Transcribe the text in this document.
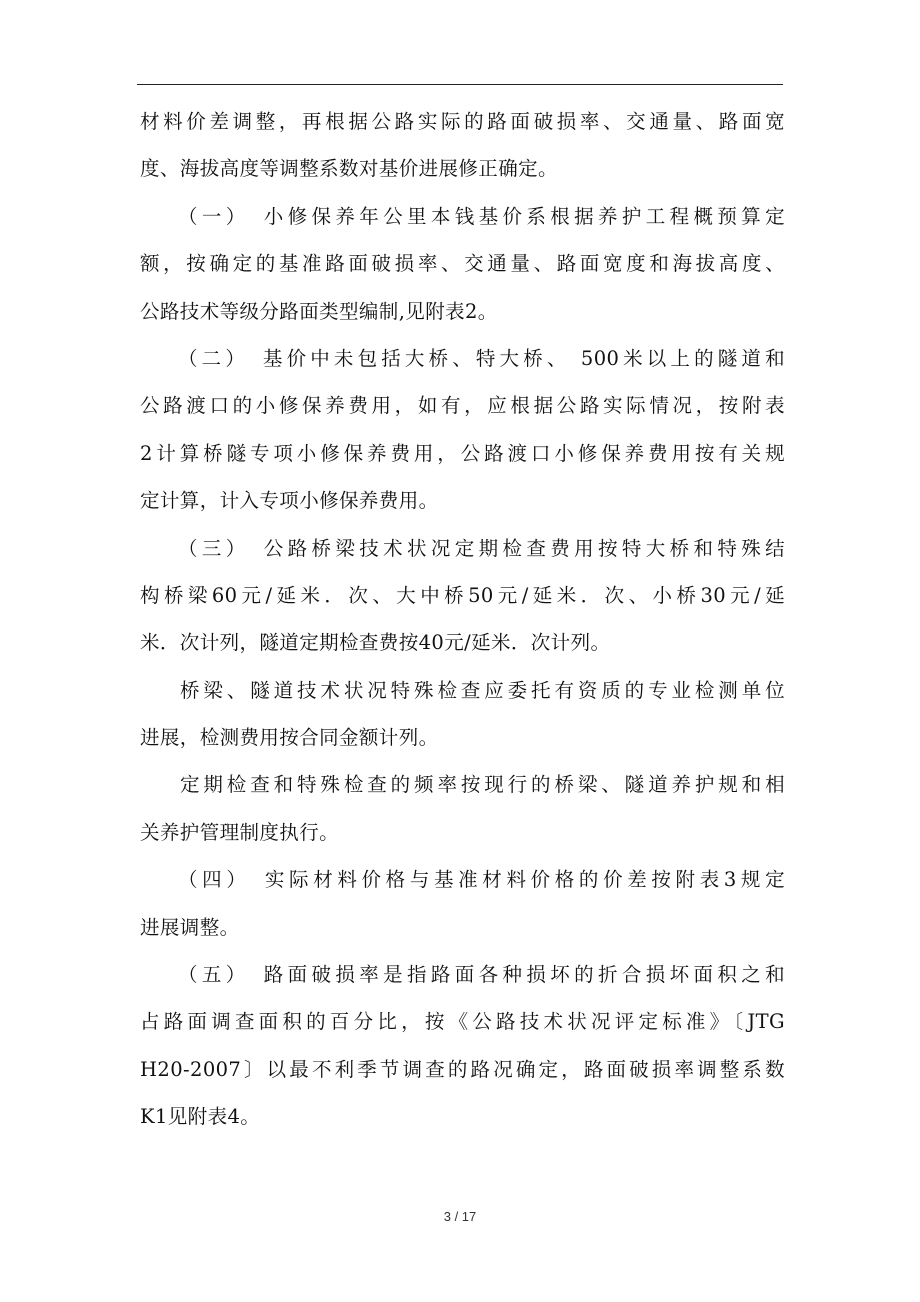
材料价差调整，再根据公路实际的路面破损率、交通量、路面宽
度、海拔高度等调整系数对基价进展修正确定。
（一）　小修保养年公里本钱基价系根据养护工程概预算定
额，按确定的基准路面破损率、交通量、路面宽度和海拔高度、
公路技术等级分路面类型编制,见附表2。
（二）　基价中未包括大桥、特大桥、 500米以上的隧道和
公路渡口的小修保养费用，如有，应根据公路实际情况，按附表
2计算桥隧专项小修保养费用，公路渡口小修保养费用按有关规
定计算，计入专项小修保养费用。
（三）　公路桥梁技术状况定期检查费用按特大桥和特殊结
构桥梁60元/延米．次、大中桥50元/延米．次、小桥30元/延
米．次计列，隧道定期检查费按40元/延米．次计列。
桥梁、隧道技术状况特殊检查应委托有资质的专业检测单位
进展，检测费用按合同金额计列。
定期检查和特殊检查的频率按现行的桥梁、隧道养护规和相
关养护管理制度执行。
（四）　实际材料价格与基准材料价格的价差按附表3规定
进展调整。
（五）　路面破损率是指路面各种损坏的折合损坏面积之和
占路面调查面积的百分比，按《公路技术状况评定标准》〔JTG
H20-2007〕以最不利季节调查的路况确定，路面破损率调整系数
K1见附表4。
3 / 17
